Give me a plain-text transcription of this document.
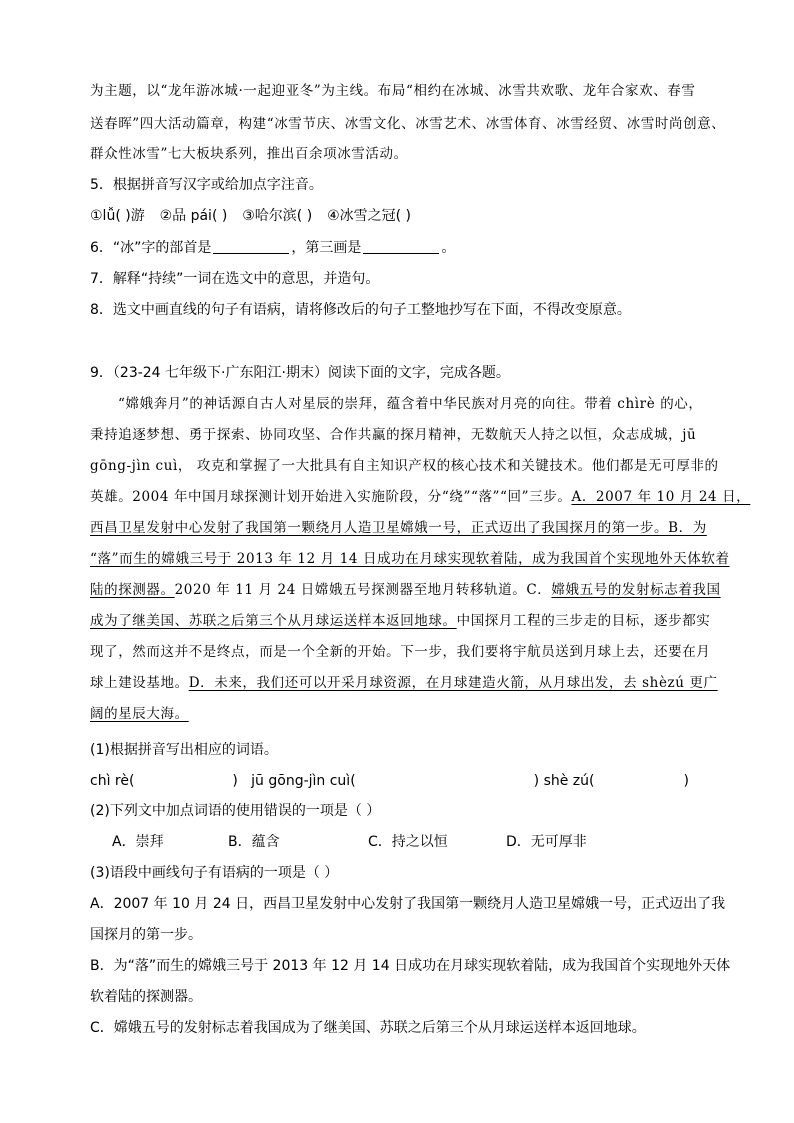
为主题，以“龙年游冰城·一起迎亚冬”为主线。布局“相约在冰城、冰雪共欢歌、龙年合家欢、春雪
送春晖”四大活动篇章，构建“冰雪节庆、冰雪文化、冰雪艺术、冰雪体育、冰雪经贸、冰雪时尚创意、
群众性冰雪”七大板块系列，推出百余项冰雪活动。
5．根据拼音写汉字或给加点字注音。
①lǚ( )游 ②品 pái( ) ③哈尔滨( ) ④冰雪之冠( )
6．“冰”字的部首是	，第三画是	。
7．解释“持续”一词在选文中的意思，并造句。
8．选文中画直线的句子有语病，请将修改后的句子工整地抄写在下面，不得改变原意。
9．（23-24 七年级下·广东阳江·期末）阅读下面的文字，完成各题。
“嫦娥奔月”的神话源自古人对星辰的崇拜，蕴含着中华民族对月亮的向往。带着 chìrè 的心，
秉持追逐梦想、勇于探索、协同攻坚、合作共赢的探月精神，无数航天人持之以恒，众志成城，jū
gōng-jìn cuì， 攻克和掌握了一大批具有自主知识产权的核心技术和关键技术。他们都是无可厚非的
英雄。2004 年中国月球探测计划开始进入实施阶段，分“绕”“落”“回”三步。A．2007 年 10 月 24 日，
西昌卫星发射中心发射了我国第一颗绕月人造卫星嫦娥一号，正式迈出了我国探月的第一步。B．为
“落”而生的嫦娥三号于 2013 年 12 月 14 日成功在月球实现软着陆，成为我国首个实现地外天体软着
陆的探测器。2020 年 11 月 24 日嫦娥五号探测器至地月转移轨道。C．嫦娥五号的发射标志着我国
成为了继美国、苏联之后第三个从月球运送样本返回地球。中国探月工程的三步走的目标，逐步都实
现了，然而这并不是终点，而是一个全新的开始。下一步，我们要将宇航员送到月球上去，还要在月
球上建设基地。D．未来，我们还可以开采月球资源，在月球建造火箭，从月球出发，去 shèzú 更广
阔的星辰大海。
(1)根据拼音写出相应的词语。
chì rè(                      )   jū gōng-jìn cuì(                                        ) shè zú(                    )
(2)下列文中加点词语的使用错误的一项是（ ）
A．崇拜	B．蕴含	C．持之以恒	D．无可厚非
(3)语段中画线句子有语病的一项是（ ）
A．2007 年 10 月 24 日，西昌卫星发射中心发射了我国第一颗绕月人造卫星嫦娥一号，正式迈出了我
国探月的第一步。
B．为“落”而生的嫦娥三号于 2013 年 12 月 14 日成功在月球实现软着陆，成为我国首个实现地外天体
软着陆的探测器。
C．嫦娥五号的发射标志着我国成为了继美国、苏联之后第三个从月球运送样本返回地球。
